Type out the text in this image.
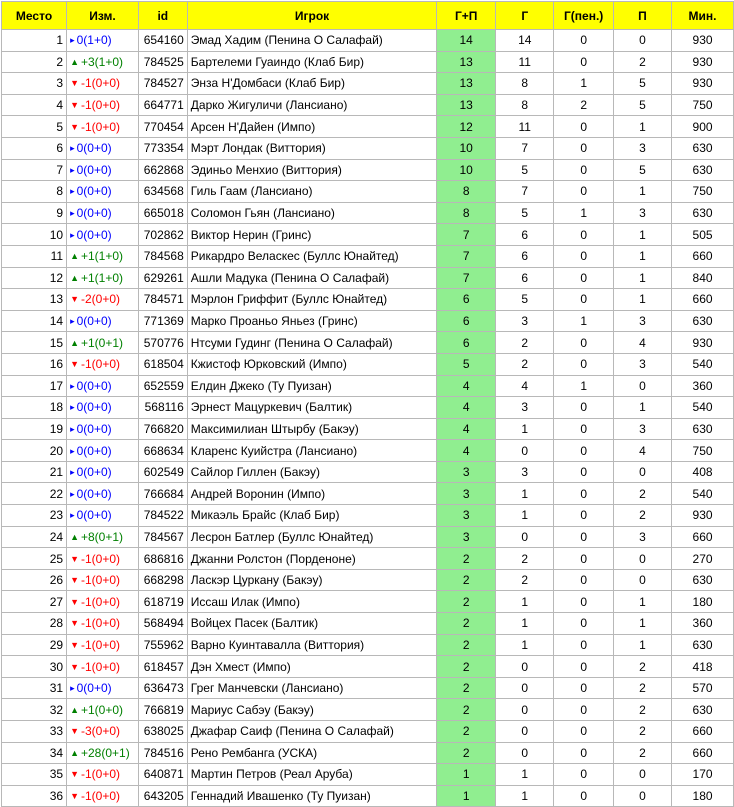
Место	Изм.	id	Игрок	Г+П	Г	Г(пен.)	П	Мин.
1	▸ 0(1+0)	654160	Эмад Хадим (Пенина О Салафай)	14	14	0	0	930
2	▲ +3(1+0)	784525	Бартелеми Гуаиндо (Клаб Бир)	13	11	0	2	930
3	▼ -1(0+0)	784527	Энза Н'Домбаси (Клаб Бир)	13	8	1	5	930
4	▼ -1(0+0)	664771	Дарко Жигуличи (Лансиано)	13	8	2	5	750
5	▼ -1(0+0)	770454	Арсен Н'Дайен (Импо)	12	11	0	1	900
6	▸ 0(0+0)	773354	Мэрт Лондак (Виттория)	10	7	0	3	630
7	▸ 0(0+0)	662868	Эдиньо Менхио (Виттория)	10	5	0	5	630
8	▸ 0(0+0)	634568	Гиль Гаам (Лансиано)	8	7	0	1	750
9	▸ 0(0+0)	665018	Соломон Гьян (Лансиано)	8	5	1	3	630
10	▸ 0(0+0)	702862	Виктор Нерин (Гринс)	7	6	0	1	505
11	▲ +1(1+0)	784568	Рикардро Веласкес (Буллс Юнайтед)	7	6	0	1	660
12	▲ +1(1+0)	629261	Ашли Мадука (Пенина О Салафай)	7	6	0	1	840
13	▼ -2(0+0)	784571	Мэрлон Гриффит (Буллс Юнайтед)	6	5	0	1	660
14	▸ 0(0+0)	771369	Марко Проаньо Яньез (Гринс)	6	3	1	3	630
15	▲ +1(0+1)	570776	Нтсуми Гудинг (Пенина О Салафай)	6	2	0	4	930
16	▼ -1(0+0)	618504	Кжистоф Юрковский (Импо)	5	2	0	3	540
17	▸ 0(0+0)	652559	Елдин Джеко (Ту Пуизан)	4	4	1	0	360
18	▸ 0(0+0)	568116	Эрнест Мацуркевич (Балтик)	4	3	0	1	540
19	▸ 0(0+0)	766820	Максимилиан Штырбу (Бакэу)	4	1	0	3	630
20	▸ 0(0+0)	668634	Кларенс Куийстра (Лансиано)	4	0	0	4	750
21	▸ 0(0+0)	602549	Сайлор Гиллен (Бакэу)	3	3	0	0	408
22	▸ 0(0+0)	766684	Андрей Воронин (Импо)	3	1	0	2	540
23	▸ 0(0+0)	784522	Микаэль Брайс (Клаб Бир)	3	1	0	2	930
24	▲ +8(0+1)	784567	Лесрон Батлер (Буллс Юнайтед)	3	0	0	3	660
25	▼ -1(0+0)	686816	Джанни Ролстон (Порденоне)	2	2	0	0	270
26	▼ -1(0+0)	668298	Ласкэр Цуркану (Бакэу)	2	2	0	0	630
27	▼ -1(0+0)	618719	Иссаш Илак (Импо)	2	1	0	1	180
28	▼ -1(0+0)	568494	Войцех Пасек (Балтик)	2	1	0	1	360
29	▼ -1(0+0)	755962	Варно Куинтавалла (Виттория)	2	1	0	1	630
30	▼ -1(0+0)	618457	Дэн Хмест (Импо)	2	0	0	2	418
31	▸ 0(0+0)	636473	Грег Манчевски (Лансиано)	2	0	0	2	570
32	▲ +1(0+0)	766819	Мариус Сабэу (Бакэу)	2	0	0	2	630
33	▼ -3(0+0)	638025	Джафар Саиф (Пенина О Салафай)	2	0	0	2	660
34	▲ +28(0+1)	784516	Рено Рембанга (УСКА)	2	0	0	2	660
35	▼ -1(0+0)	640871	Мартин Петров (Реал Аруба)	1	1	0	0	170
36	▼ -1(0+0)	643205	Геннадий Ивашенко (Ту Пуизан)	1	1	0	0	180
